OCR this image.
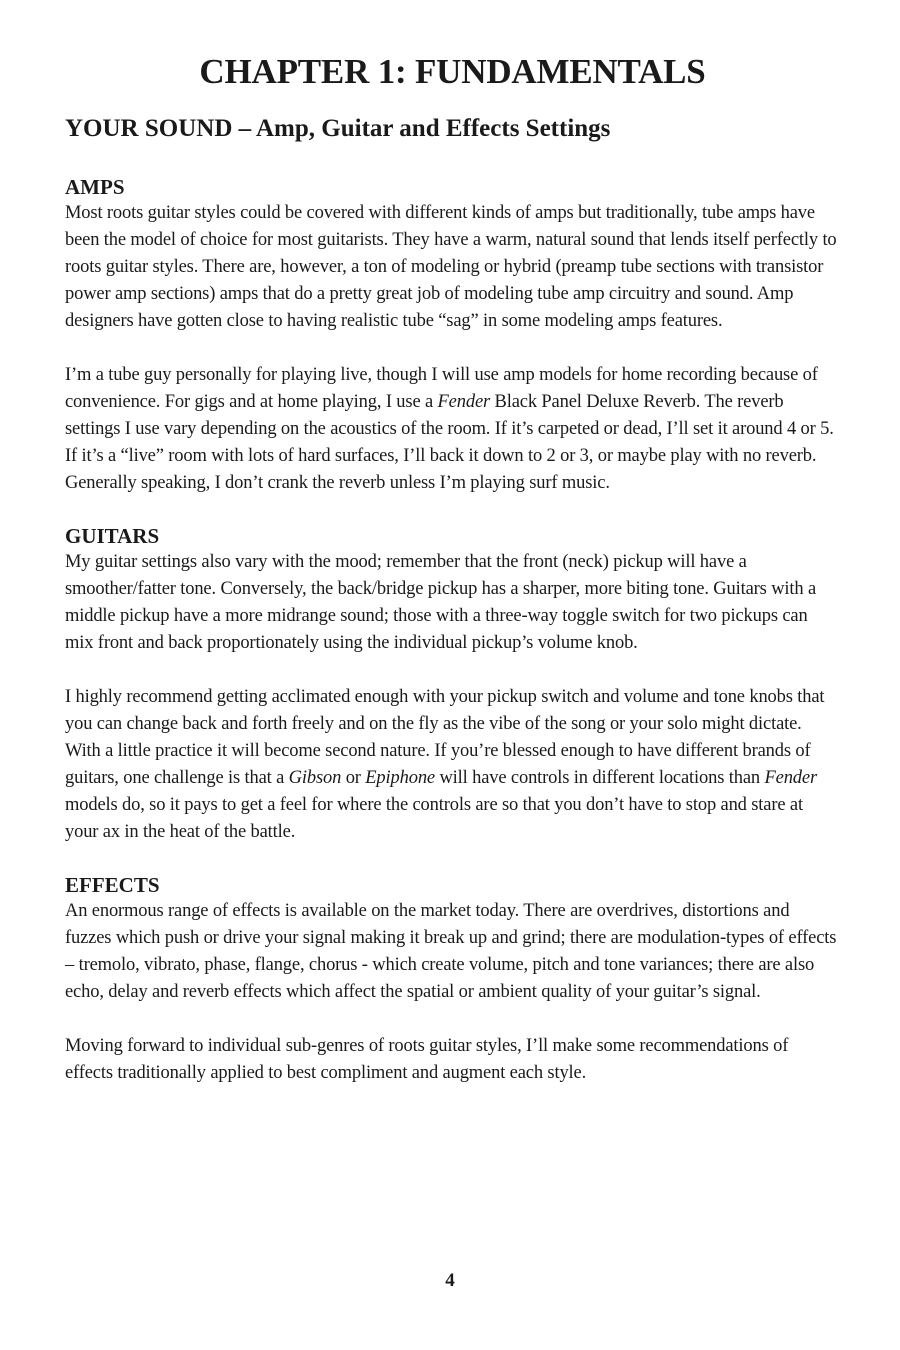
CHAPTER 1: FUNDAMENTALS
YOUR SOUND – Amp, Guitar and Effects Settings
AMPS

Most roots guitar styles could be covered with different kinds of amps but traditionally, tube amps have been the model of choice for most guitarists. They have a warm, natural sound that lends itself perfectly to roots guitar styles. There are, however, a ton of modeling or hybrid (preamp tube sections with transistor power amp sections) amps that do a pretty great job of modeling tube amp circuitry and sound. Amp designers have gotten close to having realistic tube “sag” in some modeling amps features.

I’m a tube guy personally for playing live, though I will use amp models for home recording because of convenience. For gigs and at home playing, I use a Fender Black Panel Deluxe Reverb. The reverb settings I use vary depending on the acoustics of the room. If it’s carpeted or dead, I’ll set it around 4 or 5. If it’s a “live” room with lots of hard surfaces, I’ll back it down to 2 or 3, or maybe play with no reverb. Generally speaking, I don’t crank the reverb unless I’m playing surf music.

GUITARS

My guitar settings also vary with the mood; remember that the front (neck) pickup will have a smoother/fatter tone. Conversely, the back/bridge pickup has a sharper, more biting tone. Guitars with a middle pickup have a more midrange sound; those with a three-way toggle switch for two pickups can mix front and back proportionately using the individual pickup’s volume knob.

I highly recommend getting acclimated enough with your pickup switch and volume and tone knobs that you can change back and forth freely and on the fly as the vibe of the song or your solo might dictate. With a little practice it will become second nature. If you’re blessed enough to have different brands of guitars, one challenge is that a Gibson or Epiphone will have controls in different locations than Fender models do, so it pays to get a feel for where the controls are so that you don’t have to stop and stare at your ax in the heat of the battle.

EFFECTS

An enormous range of effects is available on the market today. There are overdrives, distortions and fuzzes which push or drive your signal making it break up and grind; there are modulation-types of effects – tremolo, vibrato, phase, flange, chorus - which create volume, pitch and tone variances; there are also echo, delay and reverb effects which affect the spatial or ambient quality of your guitar’s signal.

Moving forward to individual sub-genres of roots guitar styles, I’ll make some recommendations of effects traditionally applied to best compliment and augment each style.

4
